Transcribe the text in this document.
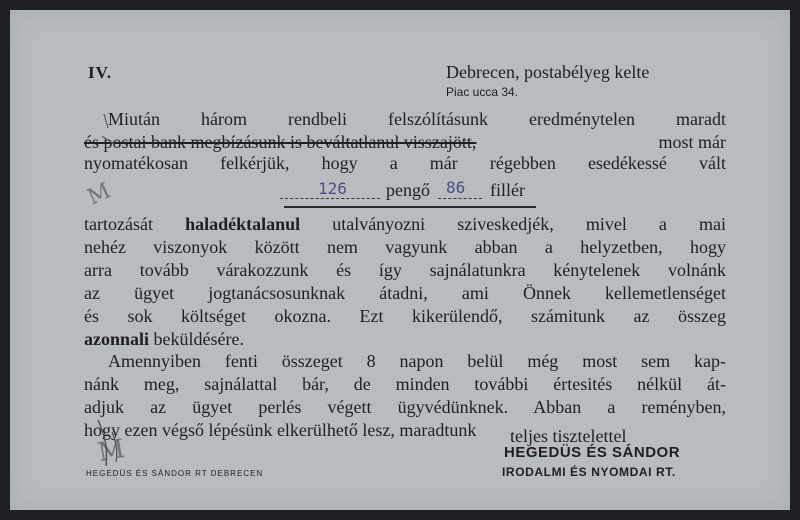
IV.	Debrecen, postabélyeg kelte
Piac ucca 34.
Miután három rendbeli felszólításunk eredménytelen maradt
és postai bank megbízásunk is beváltatlanul visszajött,	most már
nyomatékosan felkérjük, hogy a már régebben esedékessé vált
126 pengő 86 fillér
tartozását haladéktalanul utalványozni sziveskedjék, mivel a mai
nehéz viszonyok között nem vagyunk abban a helyzetben, hogy
arra tovább várakozzunk és így sajnálatunkra kénytelenek volnánk
az ügyet jogtanácsosunknak átadni, ami Önnek kellemetlenséget
és sok költséget okozna. Ezt kikerülendő, számitunk az összeg
azonnali beküldésére.
Amennyiben fenti összeget 8 napon belül még most sem kap-
nánk meg, sajnálattal bár, de minden további értesités nélkül át-
adjuk az ügyet perlés végett ügyvédünknek. Abban a reményben,
hogy ezen végső lépésünk elkerülhető lesz, maradtunk	teljes tisztelettel
HEGEDÜS ÉS SÁNDOR
IRODALMI ÉS NYOMDAI RT.
HEGEDÜS ÉS SÁNDOR RT DEBRECEN
M
M
